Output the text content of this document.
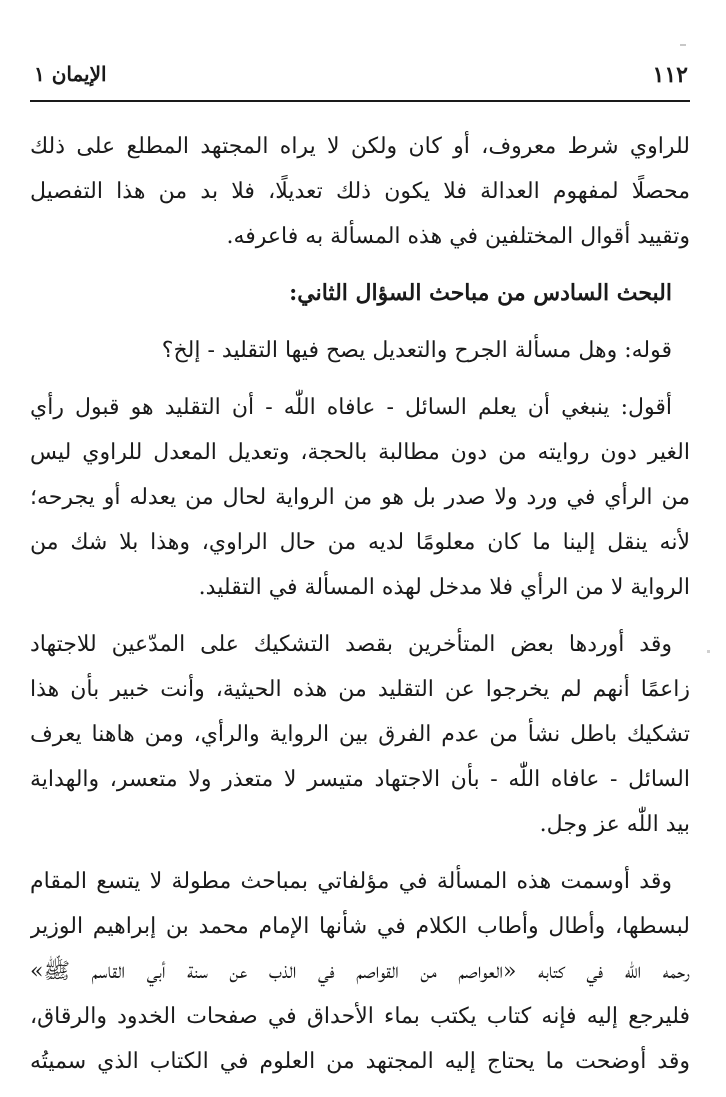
١١٢
الإيمان ١
للراوي شرط معروف، أو كان ولكن لا يراه المجتهد المطلع على ذلك
محصلًا لمفهوم العدالة فلا يكون ذلك تعديلًا، فلا بد من هذا التفصيل
وتقييد أقوال المختلفين في هذه المسألة به فاعرفه.
البحث السادس من مباحث السؤال الثاني:
قوله: وهل مسألة الجرح والتعديل يصح فيها التقليد - إلخ؟
أقول: ينبغي أن يعلم السائل - عافاه اللّٰه - أن التقليد هو قبول رأي
الغير دون روايته من دون مطالبة بالحجة، وتعديل المعدل للراوي ليس
من الرأي في ورد ولا صدر بل هو من الرواية لحال من يعدله أو يجرحه؛
لأنه ينقل إلينا ما كان معلومًا لديه من حال الراوي، وهذا بلا شك من
الرواية لا من الرأي فلا مدخل لهذه المسألة في التقليد.
وقد أوردها بعض المتأخرين بقصد التشكيك على المدّعين للاجتهاد
زاعمًا أنهم لم يخرجوا عن التقليد من هذه الحيثية، وأنت خبير بأن هذا
تشكيك باطل نشأ من عدم الفرق بين الرواية والرأي، ومن هاهنا يعرف
السائل - عافاه اللّٰه - بأن الاجتهاد متيسر لا متعذر ولا متعسر، والهداية
بيد اللّٰه عز وجل.
وقد أوسمت هذه المسألة في مؤلفاتي بمباحث مطولة لا يتسع المقام
لبسطها، وأطال وأطاب الكلام في شأنها الإمام محمد بن إبراهيم الوزير
رحمه الله في كتابه «العواصم من القواصم في الذب عن سنة أبي القاسم ﷺ»
فليرجع إليه فإنه كتاب يكتب بماء الأحداق في صفحات الخدود والرقاق،
وقد أوضحت ما يحتاج إليه المجتهد من العلوم في الكتاب الذي سميتُه
